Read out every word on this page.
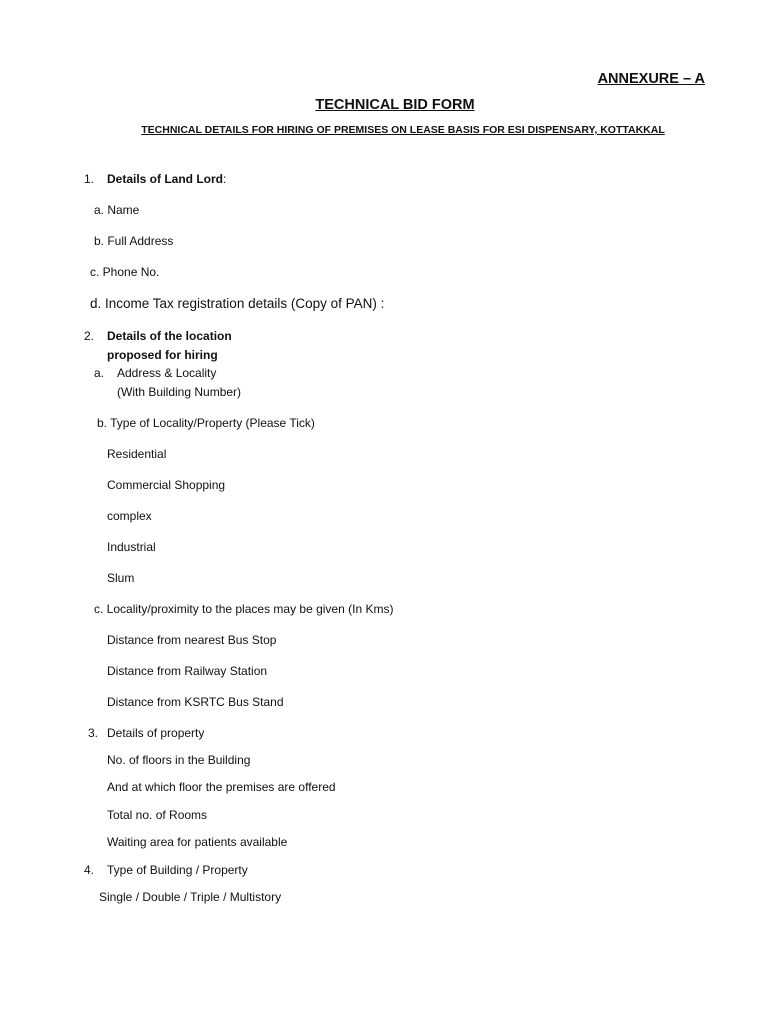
ANNEXURE – A
TECHNICAL BID FORM
TECHNICAL DETAILS FOR HIRING OF PREMISES ON LEASE BASIS FOR ESI DISPENSARY, KOTTAKKAL
1. Details of Land Lord:
a. Name
b. Full Address
c. Phone No.
d. Income Tax registration details (Copy of PAN) :
2. Details of the location
proposed for hiring
a. Address & Locality
(With Building Number)
b. Type of Locality/Property (Please Tick)
Residential
Commercial Shopping
complex
Industrial
Slum
c. Locality/proximity to the places may be given (In Kms)
Distance from nearest Bus Stop
Distance from Railway Station
Distance from KSRTC Bus Stand
3. Details of property
No. of floors in the Building
And at which floor the premises are offered
Total no. of Rooms
Waiting area for patients available
4. Type of Building / Property
Single / Double / Triple / Multistory
